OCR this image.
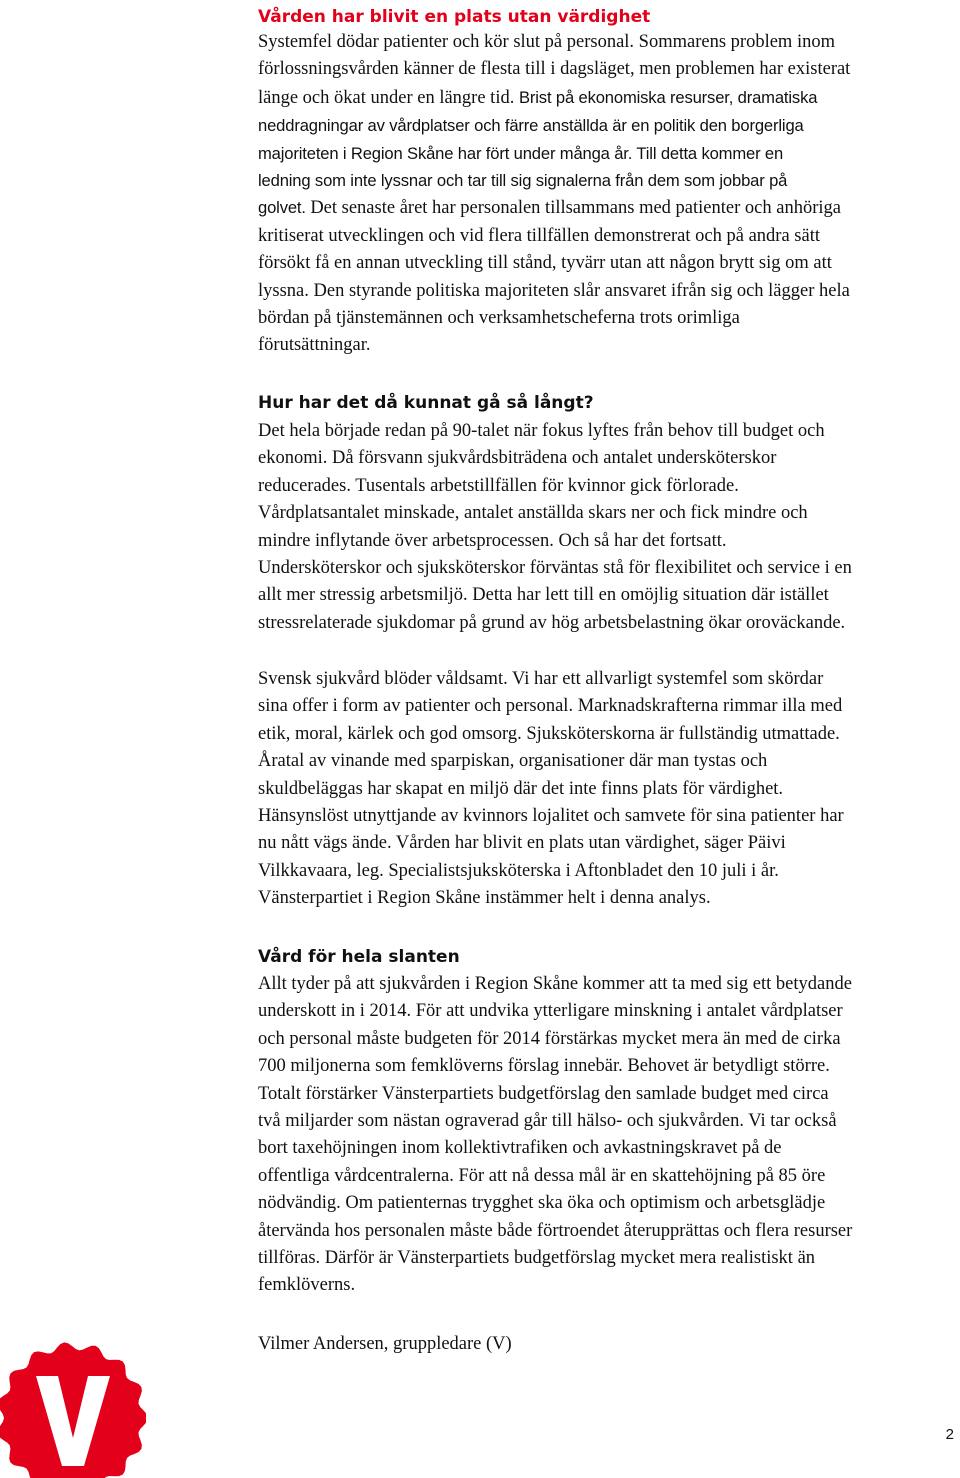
Vården har blivit en plats utan värdighet
Systemfel dödar patienter och kör slut på personal. Sommarens problem inom
förlossningsvården känner de flesta till i dagsläget, men problemen har existerat
länge och ökat under en längre tid. Brist på ekonomiska resurser, dramatiska
neddragningar av vårdplatser och färre anställda är en politik den borgerliga
majoriteten i Region Skåne har fört under många år. Till detta kommer en
ledning som inte lyssnar och tar till sig signalerna från dem som jobbar på
golvet. Det senaste året har personalen tillsammans med patienter och anhöriga
kritiserat utvecklingen och vid flera tillfällen demonstrerat och på andra sätt
försökt få en annan utveckling till stånd, tyvärr utan att någon brytt sig om att
lyssna. Den styrande politiska majoriteten slår ansvaret ifrån sig och lägger hela
bördan på tjänstemännen och verksamhetscheferna trots orimliga
förutsättningar.
Hur har det då kunnat gå så långt?
Det hela började redan på 90-talet när fokus lyftes från behov till budget och
ekonomi. Då försvann sjukvårdsbiträdena och antalet undersköterskor
reducerades. Tusentals arbetstillfällen för kvinnor gick förlorade.
Vårdplatsantalet minskade, antalet anställda skars ner och fick mindre och
mindre inflytande över arbetsprocessen. Och så har det fortsatt.
Undersköterskor och sjuksköterskor förväntas stå för flexibilitet och service i en
allt mer stressig arbetsmiljö. Detta har lett till en omöjlig situation där istället
stressrelaterade sjukdomar på grund av hög arbetsbelastning ökar oroväckande.
Svensk sjukvård blöder våldsamt. Vi har ett allvarligt systemfel som skördar
sina offer i form av patienter och personal. Marknadskrafterna rimmar illa med
etik, moral, kärlek och god omsorg. Sjuksköterskorna är fullständig utmattade.
Åratal av vinande med sparpiskan, organisationer där man tystas och
skuldbeläggas har skapat en miljö där det inte finns plats för värdighet.
Hänsynslöst utnyttjande av kvinnors lojalitet och samvete för sina patienter har
nu nått vägs ände. Vården har blivit en plats utan värdighet, säger Päivi
Vilkkavaara, leg. Specialistsjuksköterska i Aftonbladet den 10 juli i år.
Vänsterpartiet i Region Skåne instämmer helt i denna analys.
Vård för hela slanten
Allt tyder på att sjukvården i Region Skåne kommer att ta med sig ett betydande
underskott in i 2014. För att undvika ytterligare minskning i antalet vårdplatser
och personal måste budgeten för 2014 förstärkas mycket mera än med de cirka
700 miljonerna som femklöverns förslag innebär. Behovet är betydligt större.
Totalt förstärker Vänsterpartiets budgetförslag den samlade budget med circa
två miljarder som nästan ograverad går till hälso- och sjukvården. Vi tar också
bort taxehöjningen inom kollektivtrafiken och avkastningskravet på de
offentliga vårdcentralerna. För att nå dessa mål är en skattehöjning på 85 öre
nödvändig. Om patienternas trygghet ska öka och optimism och arbetsglädje
återvända hos personalen måste både förtroendet återupprättas och flera resurser
tillföras. Därför är Vänsterpartiets budgetförslag mycket mera realistiskt än
femklöverns.
Vilmer Andersen, gruppledare (V)
2
